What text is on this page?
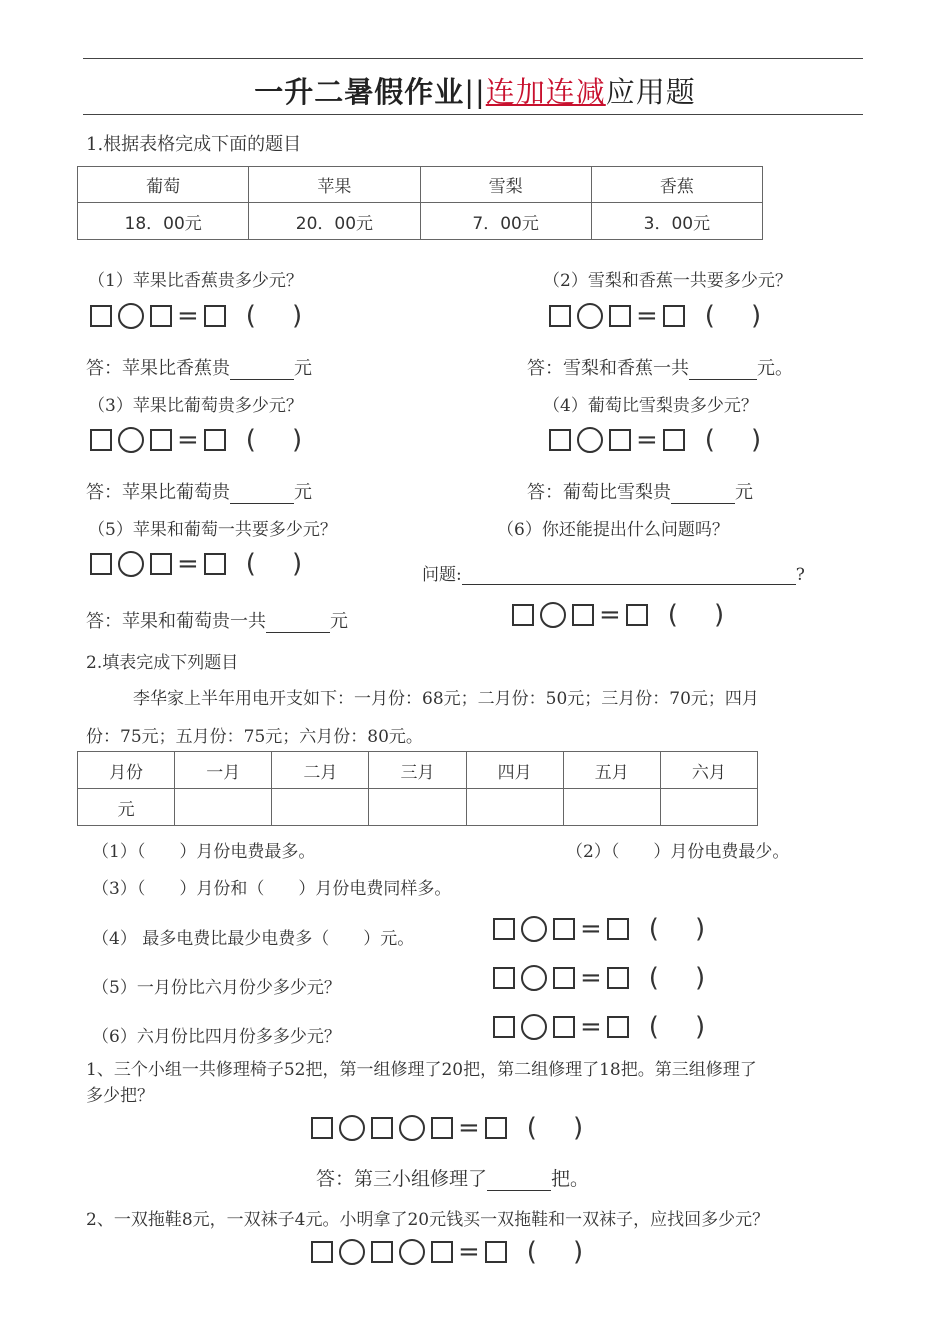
一升二暑假作业||连加连减应用题
1.根据表格完成下面的题目
葡萄	苹果	雪梨	香蕉
18．00元	20．00元	7．00元	3．00元
（1）苹果比香蕉贵多少元？	（2）雪梨和香蕉一共要多少元？
= ( )	= ( )
答：苹果比香蕉贵	元	答：雪梨和香蕉一共	元。
（3）苹果比葡萄贵多少元？	（4）葡萄比雪梨贵多少元？
= ( )	= ( )
答：苹果比葡萄贵	元	答：葡萄比雪梨贵	元
（5）苹果和葡萄一共要多少元？	（6）你还能提出什么问题吗？
= ( )	问题:	?
答：苹果和葡萄贵一共	元	= ( )
2.填表完成下列题目
李华家上半年用电开支如下：一月份：68元；二月份：50元；三月份：70元；四月
份：75元；五月份：75元；六月份：80元。
月份	一月	二月	三月	四月	五月	六月
元						
（1）（　　）月份电费最多。	（2）（　　）月份电费最少。
（3）（　　）月份和（　　）月份电费同样多。
（4） 最多电费比最少电费多（　　）元。	= ( )
（5）一月份比六月份少多少元？	= ( )
（6）六月份比四月份多多少元？	= ( )
1、三个小组一共修理椅子52把，第一组修理了20把，第二组修理了18把。第三组修理了
多少把？
= ( )
答：第三小组修理了	把。
2、一双拖鞋8元，一双袜子4元。小明拿了20元钱买一双拖鞋和一双袜子，应找回多少元？
= ( )
